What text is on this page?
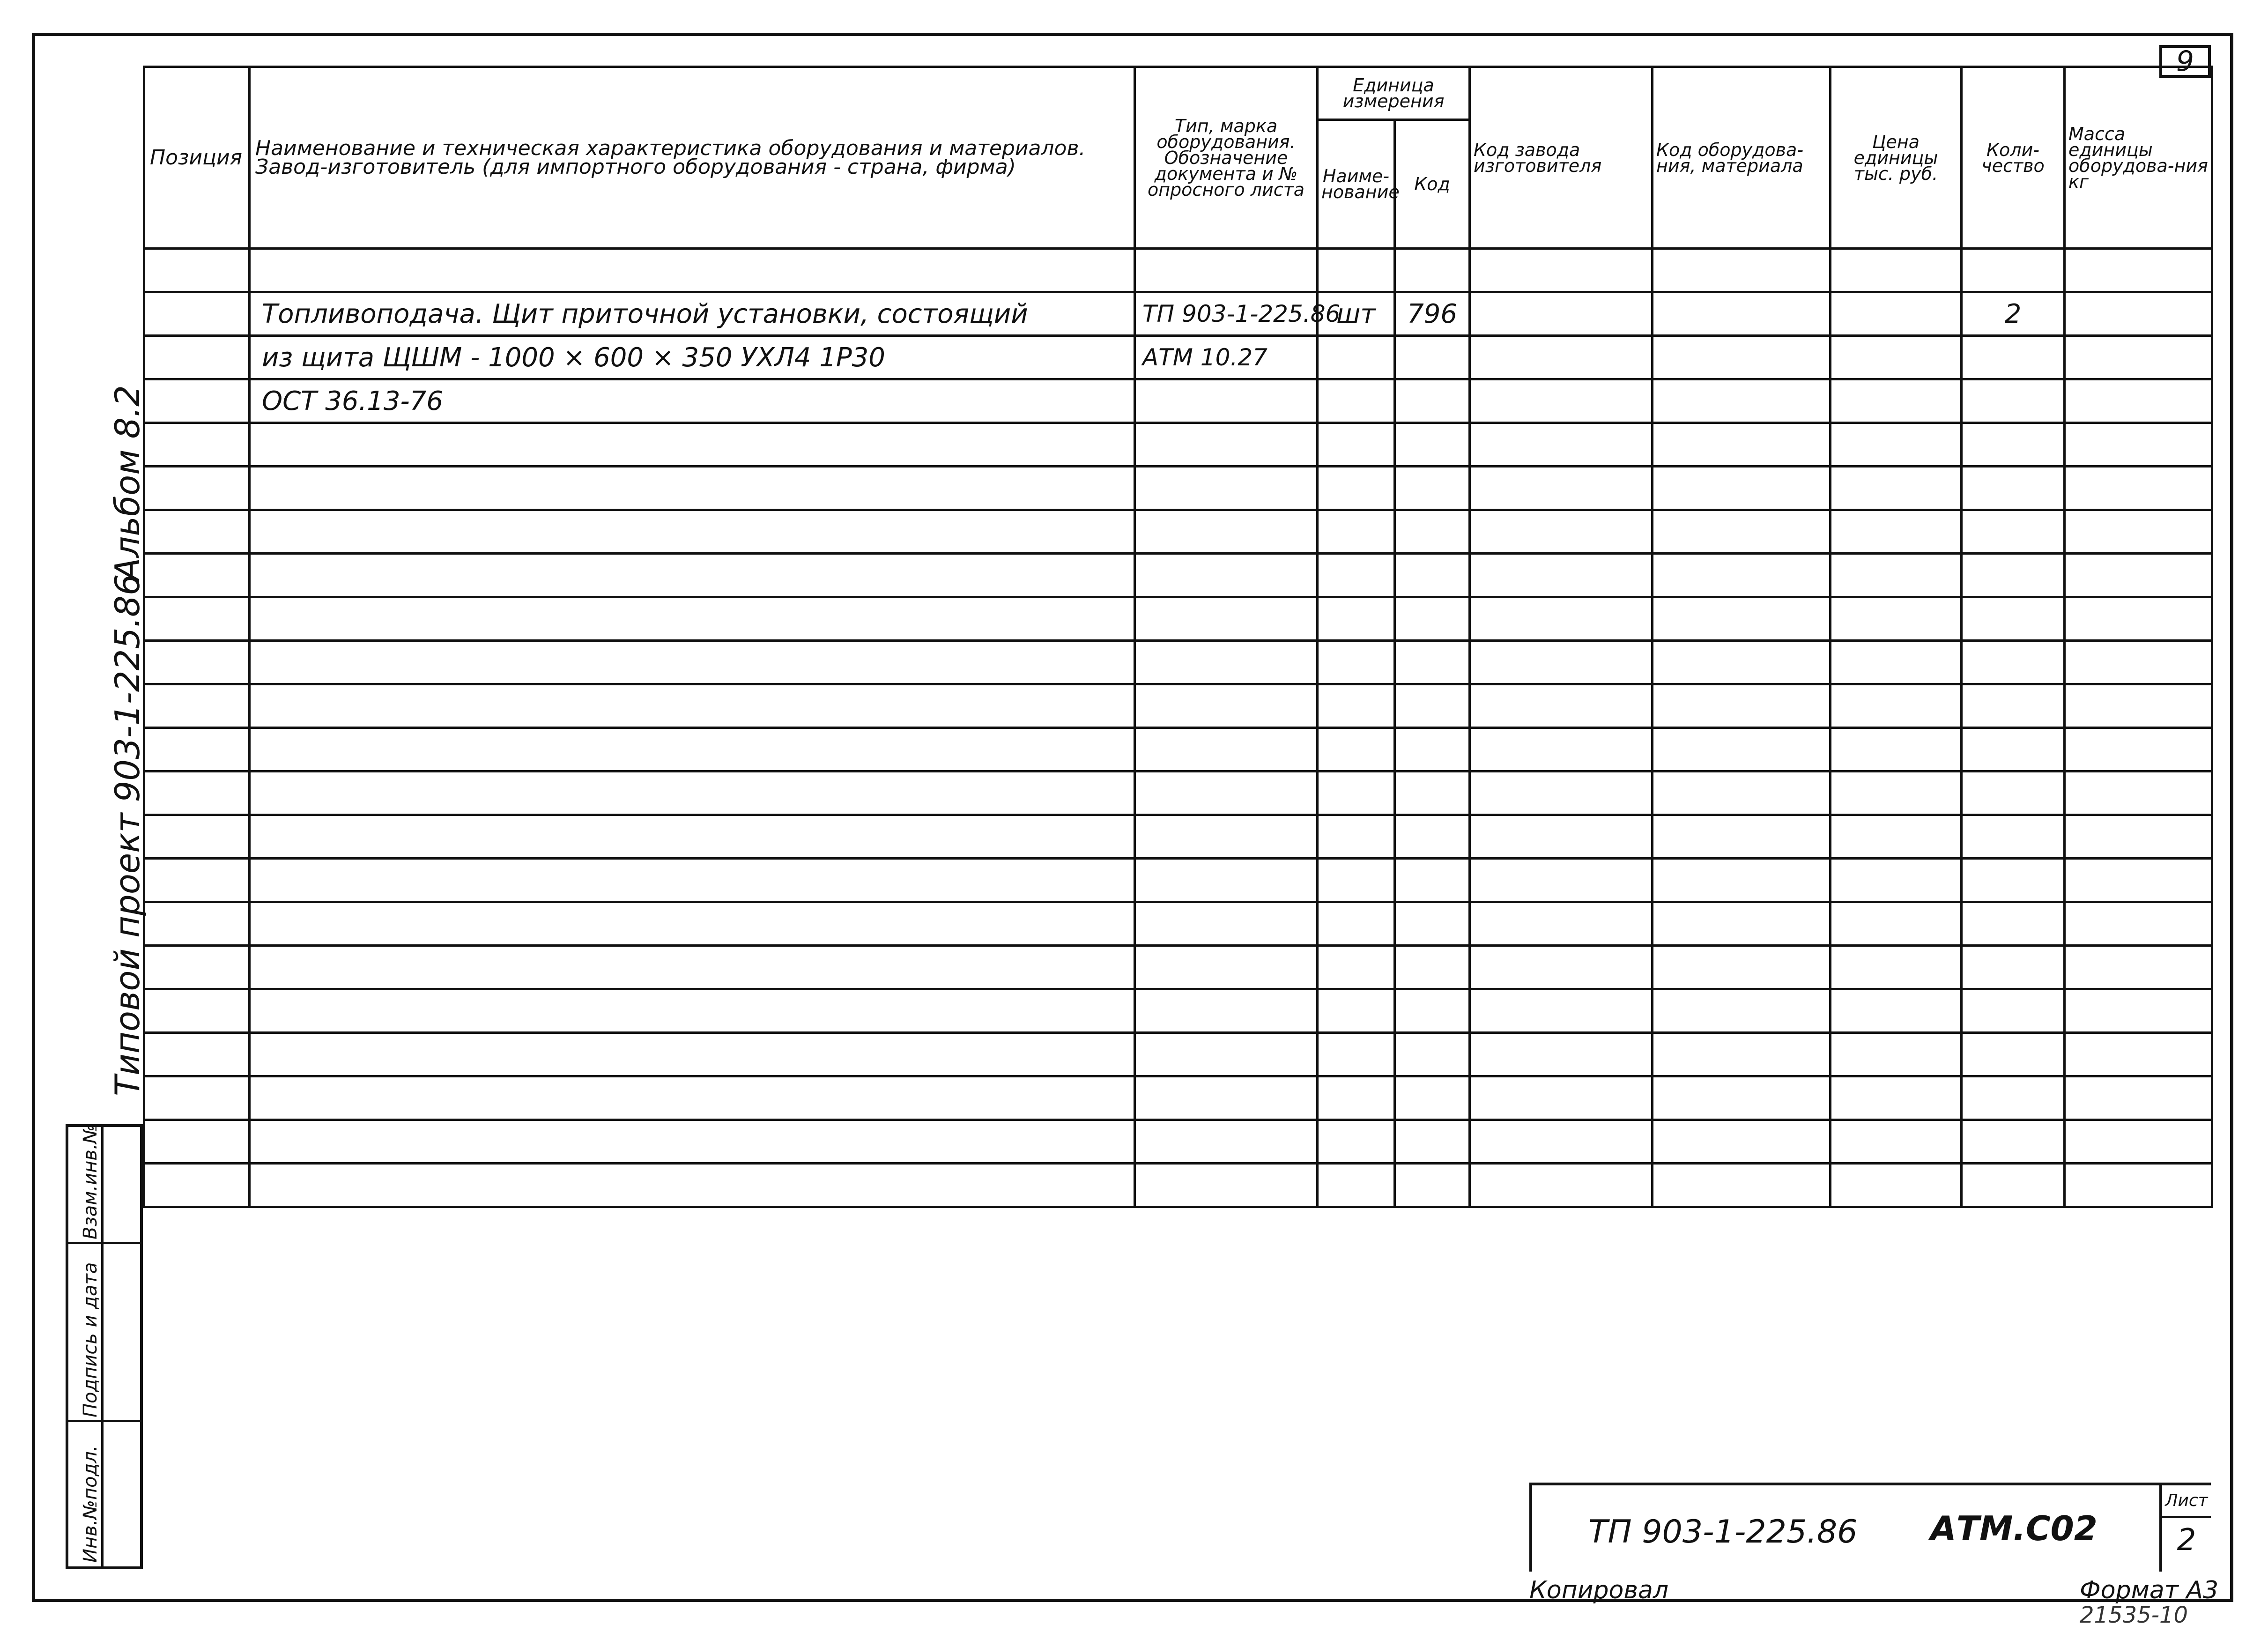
9
Альбом 8.2
Типовой проект 903-1-225.86
Позиция	Наименование и техническая характеристика оборудования и материалов. Завод-изготовитель (для импортного оборудования - страна, фирма)	Тип, марка оборудования. Обозначение документа и № опросного листа	Единица измерения		Код завода изготовителя	Код оборудова-ния, материала	Цена единицы тыс. руб.	Коли-чество	Масса единицы оборудова-ния кг
			Наиме-нование	Код					

	Топливоподача. Щит приточной установки, состоящий	ТП 903-1-225.86	шт	796				2	
	из щита ЩШМ - 1000 × 600 × 350 УХЛ4 1Р30	АТМ 10.27							
	ОСТ 36.13-76								

Взам.инв.№
Подпись и дата
Инв.№подл.	ТП 903-1-225.86 АТМ.С02
Лист
2
Копировал	Формат А3
21535-10
